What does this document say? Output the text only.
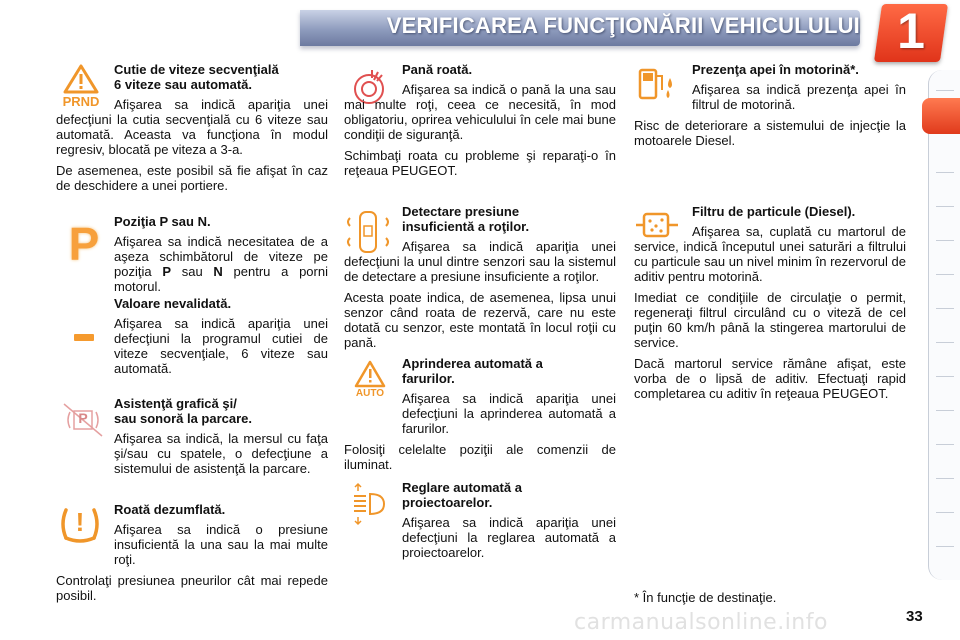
VERIFICAREA FUNCŢIONĂRII VEHICULULUI 1
PRND
P
P
!
Cutie de viteze secvenţială
6 viteze sau automată.

Afişarea sa indică apariţia unei defecţiuni la cutia secvenţială cu 6 viteze sau automată. Aceasta va funcţiona în modul regresiv, blocată pe viteza a 3-a.

De asemenea, este posibil să fie afişat în caz de deschidere a unei portiere.

Poziţia P sau N.

Afişarea sa indică necesitatea de a aşeza schimbătorul de viteze pe poziţia P sau N pentru a porni motorul.

Valoare nevalidată.

Afişarea sa indică apariţia unei defecţiuni la programul cutiei de viteze secvenţiale, 6 viteze sau automată.

Asistenţă grafică şi/
sau sonoră la parcare.

Afişarea sa indică, la mersul cu faţa şi/sau cu spatele, o defecţiune a sistemului de asistenţă la parcare.

Roată dezumflată.

Afişarea sa indică o presiune insuficientă la una sau la mai multe roţi.

Controlaţi presiunea pneurilor cât mai repede posibil.

AUTO
Pană roată.

Afişarea sa indică o pană la una sau mai multe roţi, ceea ce necesită, în mod obligatoriu, oprirea vehiculului în cele mai bune condiţii de siguranţă.

Schimbaţi roata cu probleme şi reparaţi-o în reţeaua PEUGEOT.

Detectare presiune
insuficientă a roţilor.

Afişarea sa indică apariţia unei defecţiuni la unul dintre senzori sau la sistemul de detectare a presiune insuficiente a roţilor.

Acesta poate indica, de asemenea, lipsa unui senzor când roata de rezervă, care nu este dotată cu senzor, este montată în locul roţii cu pană.

Aprinderea automată a
farurilor.

Afişarea sa indică apariţia unei defecţiuni la aprinderea automată a farurilor.

Folosiţi celelalte poziţii ale comenzii de iluminat.

Reglare automată a
proiectoarelor.

Afişarea sa indică apariţia unei defecţiuni la reglarea automată a proiectoarelor.

Prezenţa apei în motorină*.

Afişarea sa indică prezenţa apei în filtrul de motorină.

Risc de deteriorare a sistemului de injecţie la motoarele Diesel.

Filtru de particule (Diesel).

Afişarea sa, cuplată cu martorul de service, indică începutul unei saturări a filtrului cu particule sau un nivel minim în rezervorul de aditiv pentru motorină.

Imediat ce condiţiile de circulaţie o permit, regeneraţi filtrul circulând cu o viteză de cel puţin 60 km/h până la stingerea martorului de service.

Dacă martorul service rămâne afişat, este vorba de o lipsă de aditiv. Efectuaţi rapid completarea cu aditiv în reţeaua PEUGEOT.

* În funcţie de destinaţie.
carmanualsonline.info	33
